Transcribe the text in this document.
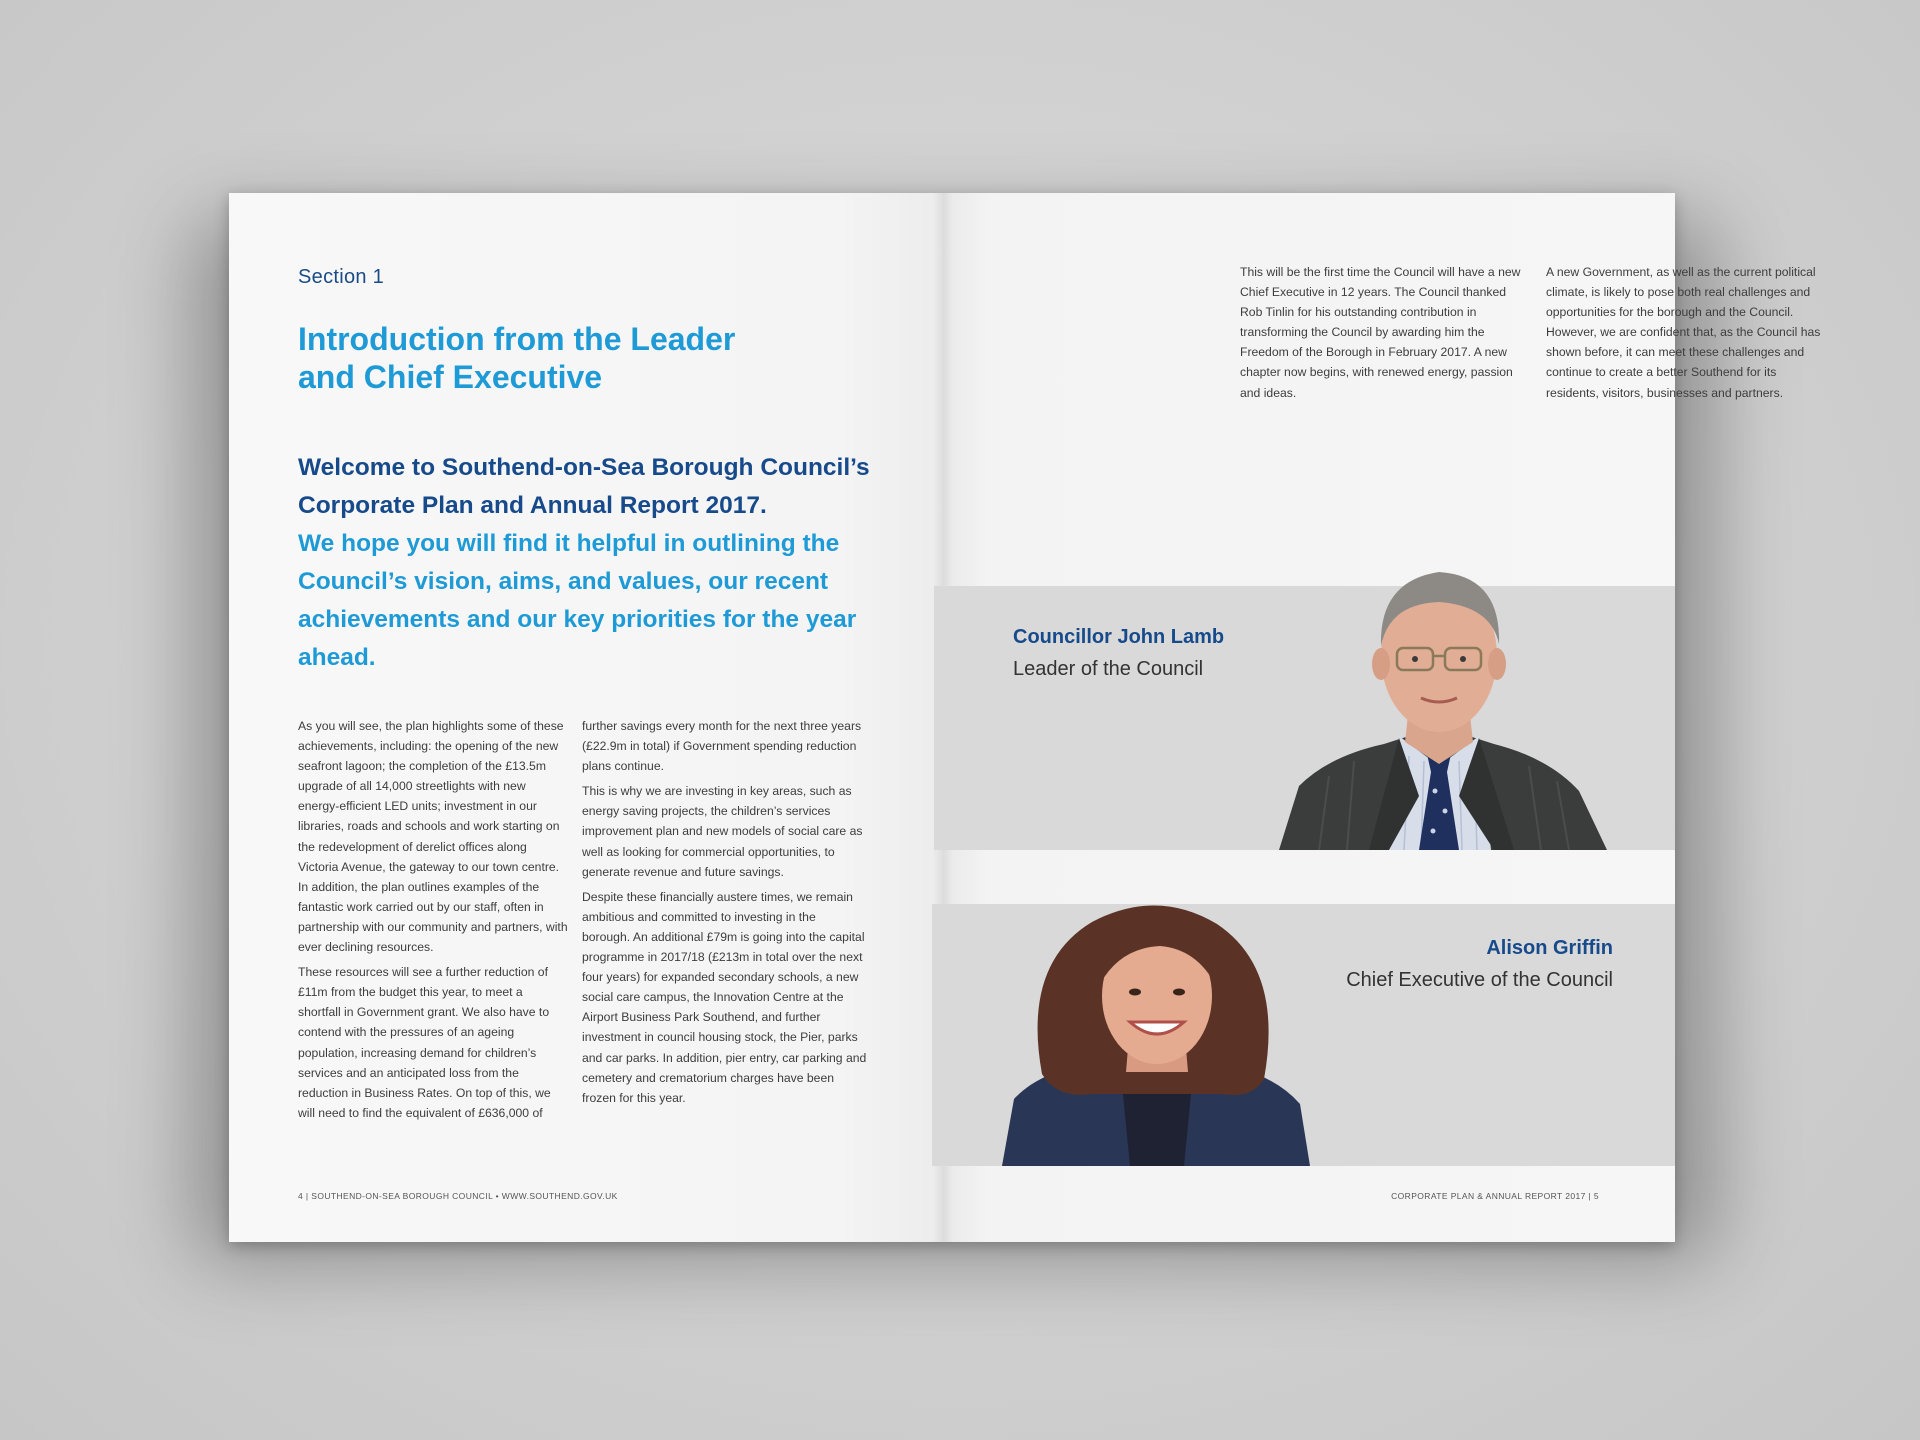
Section 1
Introduction from the Leader
and Chief Executive

Welcome to Southend-on-Sea Borough Council’s Corporate Plan and Annual Report 2017.

We hope you will find it helpful in outlining the Council’s vision, aims, and values, our recent achievements and our key priorities for the year ahead.

As you will see, the plan highlights some of these achievements, including: the opening of the new seafront lagoon; the completion of the £13.5m upgrade of all 14,000 streetlights with new energy-efficient LED units; investment in our libraries, roads and schools and work starting on the redevelopment of derelict offices along Victoria Avenue, the gateway to our town centre. In addition, the plan outlines examples of the fantastic work carried out by our staff, often in partnership with our community and partners, with ever declining resources.

These resources will see a further reduction of £11m from the budget this year, to meet a shortfall in Government grant. We also have to contend with the pressures of an ageing population, increasing demand for children’s services and an anticipated loss from the reduction in Business Rates. On top of this, we will need to find the equivalent of £636,000 of

further savings every month for the next three years (£22.9m in total) if Government spending reduction plans continue.

This is why we are investing in key areas, such as energy saving projects, the children’s services improvement plan and new models of social care as well as looking for commercial opportunities, to generate revenue and future savings.

Despite these financially austere times, we remain ambitious and committed to investing in the borough. An additional £79m is going into the capital programme in 2017/18 (£213m in total over the next four years) for expanded secondary schools, a new social care campus, the Innovation Centre at the Airport Business Park Southend, and further investment in council housing stock, the Pier, parks and car parks. In addition, pier entry, car parking and cemetery and crematorium charges have been frozen for this year.

4 | SOUTHEND-ON-SEA BOROUGH COUNCIL • WWW.SOUTHEND.GOV.UK

This will be the first time the Council will have a new Chief Executive in 12 years. The Council thanked Rob Tinlin for his outstanding contribution in transforming the Council by awarding him the Freedom of the Borough in February 2017. A new chapter now begins, with renewed energy, passion and ideas.

A new Government, as well as the current political climate, is likely to pose both real challenges and opportunities for the borough and the Council. However, we are confident that, as the Council has shown before, it can meet these challenges and continue to create a better Southend for its residents, visitors, businesses and partners.

CORPORATE PLAN & ANNUAL REPORT 2017 | 5
Councillor John Lamb
Leader of the Council
Alison Griffin
Chief Executive of the Council
